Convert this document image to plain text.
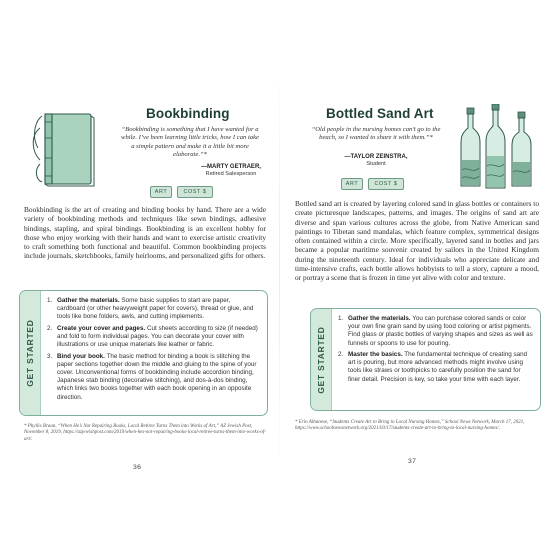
Bookbinding
“Bookbinding is something that I have wanted for a while. I’ve been learning little tricks, how I can take a simple pattern and make it a little bit more elaborate.”*
—MARTY GETRAER,
Retired Salesperson
ART	COST $
Bookbinding is the art of creating and binding books by hand. There are a wide variety of bookbinding methods and techniques like sewn bindings, adhesive bindings, stapling, and spiral bindings. Bookbinding is an excellent hobby for those who enjoy working with their hands and want to exercise artistic creativity to craft something both functional and beautiful. Common bookbinding projects include journals, sketchbooks, family heirlooms, and personalized gifts for others.
GET STARTED
1. Gather the materials. Some basic supplies to start are paper, cardboard (or other heavyweight paper for covers), thread or glue, and tools like bone folders, awls, and cutting implements.
2. Create your cover and pages. Cut sheets according to size (if needed) and fold to form individual pages. You can decorate your cover with illustrations or use unique materials like leather or fabric.
3. Bind your book. The basic method for binding a book is stitching the paper sections together down the middle and gluing to the spine of your cover. Unconventional forms of bookbinding include accordion binding, Japanese stab binding (decorative stitching), and dos-à-dos binding, which links two books together with each book opening in an opposite direction.
* Phyllis Braun, “When He’s Not Repairing Books, Local Retiree Turns Them into Works of Art,” AZ Jewish Post, November 8, 2019, https://azjewishpost.com/2019/when-hes-not-repairing-books-local-retiree-turns-them-into-works-of-art/.
36
Bottled Sand Art
“Old people in the nursing homes can’t go to the beach, so I wanted to share it with them.”*
—TAYLOR ZEINSTRA,
Student
ART	COST $
Bottled sand art is created by layering colored sand in glass bottles or containers to create picturesque landscapes, patterns, and images. The origins of sand art are diverse and span various cultures across the globe, from Native American sand paintings to Tibetan sand mandalas, which feature complex, symmetrical designs often contained within a circle. More specifically, layered sand in bottles and jars became a popular maritime souvenir created by sailors in the United Kingdom during the nineteenth century. Ideal for individuals who appreciate delicate and time-intensive crafts, each bottle allows hobbyists to tell a story, capture a mood, or portray a scene that is frozen in time yet alive with color and texture.
GET STARTED
1. Gather the materials. You can purchase colored sands or color your own fine grain sand by using food coloring or artist pigments. Find glass or plastic bottles of varying shapes and sizes as well as funnels or spoons to use for pouring.
2. Master the basics. The fundamental technique of creating sand art is pouring, but more advanced methods might involve using tools like straws or toothpicks to carefully position the sand for finer detail. Precision is key, so take your time with each layer.
* Erin Albanese, “Students Create Art to Bring to Local Nursing Homes,” School News Network, March 17, 2021, https://www.schoolnewsnetwork.org/2021/03/17/students-create-art-to-bring-to-local-nursing-homes/.
37
